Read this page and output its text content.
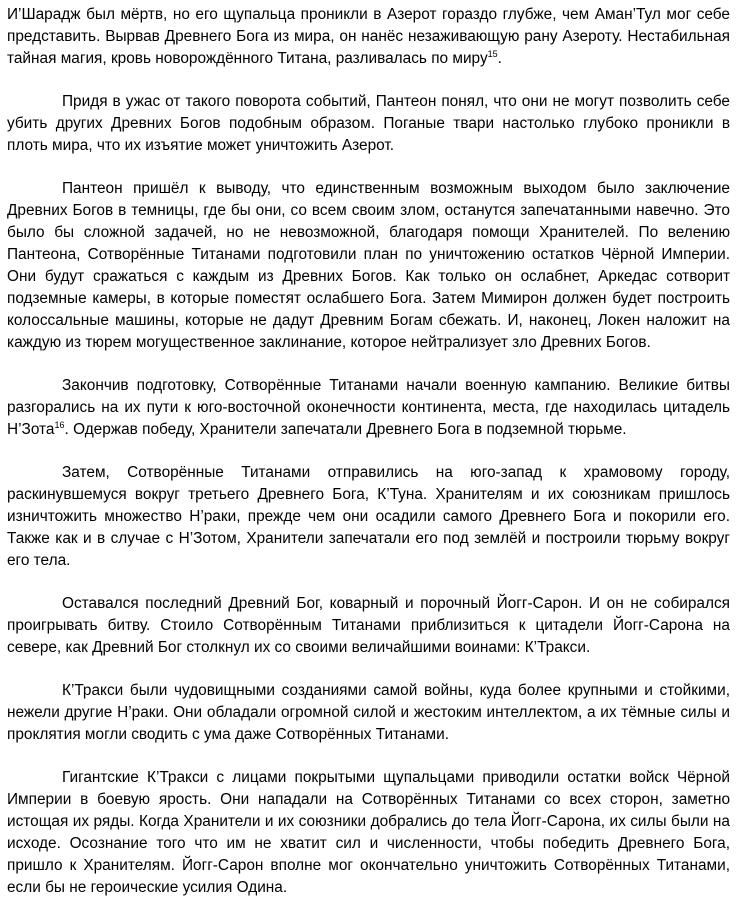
И’Шарадж был мёртв, но его щупальца проникли в Азерот гораздо глубже, чем Аман’Тул мог себе представить. Вырвав Древнего Бога из мира, он нанёс незаживающую рану Азероту. Нестабильная тайная магия, кровь новорождённого Титана, разливалась по миру$^{15}$.

Придя в ужас от такого поворота событий, Пантеон понял, что они не могут позволить себе убить других Древних Богов подобным образом. Поганые твари настолько глубоко проникли в плоть мира, что их изъятие может уничтожить Азерот.

Пантеон пришёл к выводу, что единственным возможным выходом было заключение Древних Богов в темницы, где бы они, со всем своим злом, останутся запечатанными навечно. Это было бы сложной задачей, но не невозможной, благодаря помощи Хранителей. По велению Пантеона, Сотворённые Титанами подготовили план по уничтожению остатков Чёрной Империи. Они будут сражаться с каждым из Древних Богов. Как только он ослабнет, Аркедас сотворит подземные камеры, в которые поместят ослабшего Бога. Затем Мимирон должен будет построить колоссальные машины, которые не дадут Древним Богам сбежать. И, наконец, Локен наложит на каждую из тюрем могущественное заклинание, которое нейтрализует зло Древних Богов.

Закончив подготовку, Сотворённые Титанами начали военную кампанию. Великие битвы разгорались на их пути к юго-восточной оконечности континента, места, где находилась цитадель Н’Зота$^{16}$. Одержав победу, Хранители запечатали Древнего Бога в подземной тюрьме.

Затем, Сотворённые Титанами отправились на юго-запад к храмовому городу, раскинувшемуся вокруг третьего Древнего Бога, К’Туна. Хранителям и их союзникам пришлось изничтожить множество Н’раки, прежде чем они осадили самого Древнего Бога и покорили его. Также как и в случае с Н’Зотом, Хранители запечатали его под землёй и построили тюрьму вокруг его тела.

Оставался последний Древний Бог, коварный и порочный Йогг-Сарон. И он не собирался проигрывать битву. Стоило Сотворённым Титанами приблизиться к цитадели Йогг-Сарона на севере, как Древний Бог столкнул их со своими величайшими воинами: К’Тракси.

К’Тракси были чудовищными созданиями самой войны, куда более крупными и стойкими, нежели другие Н’раки. Они обладали огромной силой и жестоким интеллектом, а их тёмные силы и проклятия могли сводить с ума даже Сотворённых Титанами.

Гигантские К’Тракси с лицами покрытыми щупальцами приводили остатки войск Чёрной Империи в боевую ярость. Они нападали на Сотворённых Титанами со всех сторон, заметно истощая их ряды. Когда Хранители и их союзники добрались до тела Йогг-Сарона, их силы были на исходе. Осознание того что им не хватит сил и численности, чтобы победить Древнего Бога, пришло к Хранителям. Йогг-Сарон вполне мог окончательно уничтожить Сотворённых Титанами, если бы не героические усилия Одина.
